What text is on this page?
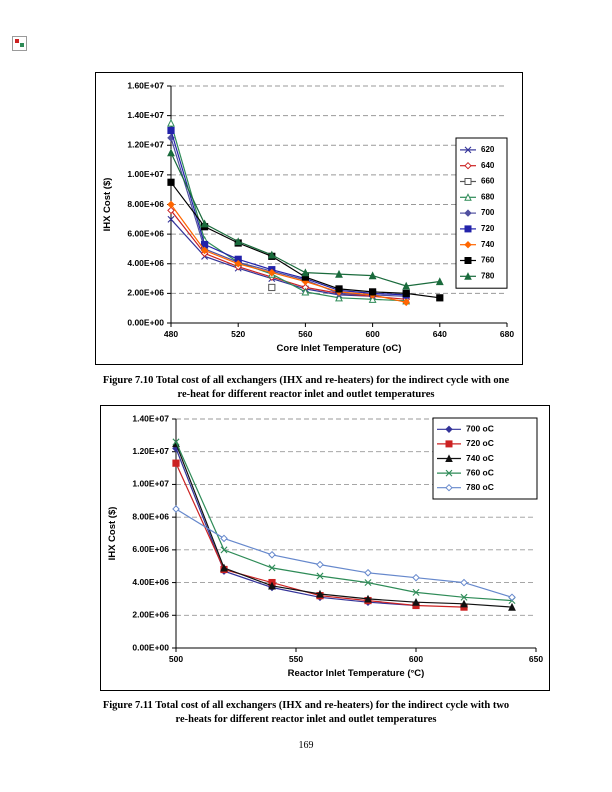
0.00E+00
2.00E+06
4.00E+06
6.00E+06
8.00E+06
1.00E+07
1.20E+07
1.40E+07
1.60E+07
480	520	560	600	640	680
Core Inlet Temperature (oC)
IHX Cost ($)
620
640
660
680
700
720
740
760
780
Figure 7.10 Total cost of all exchangers (IHX and re-heaters) for the indirect cycle with one
re-heat for different reactor inlet and outlet temperatures
0.00E+00
2.00E+06
4.00E+06
6.00E+06
8.00E+06
1.00E+07
1.20E+07
1.40E+07
500	550	600	650
Reactor Inlet Temperature (°C)
IHX Cost ($)
700 oC
720 oC
740 oC
760 oC
780 oC
Figure 7.11 Total cost of all exchangers (IHX and re-heaters) for the indirect cycle with two
re-heats for different reactor inlet and outlet temperatures
169
